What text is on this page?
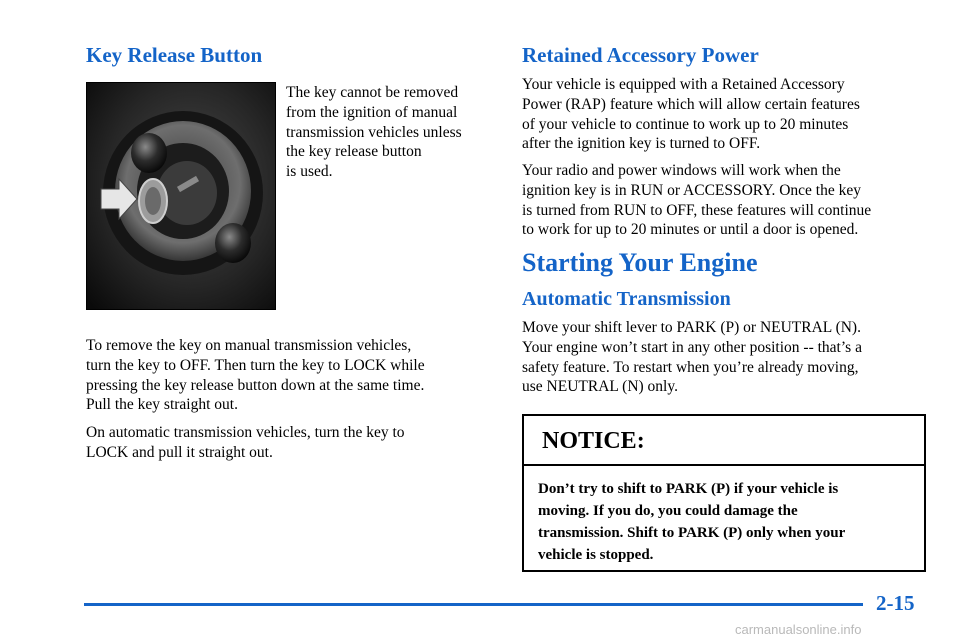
Key Release Button
The key cannot be removed
from the ignition of manual
transmission vehicles unless
the key release button
is used.
To remove the key on manual transmission vehicles,
turn the key to OFF. Then turn the key to LOCK while
pressing the key release button down at the same time.
Pull the key straight out.
On automatic transmission vehicles, turn the key to
LOCK and pull it straight out.
Retained Accessory Power
Your vehicle is equipped with a Retained Accessory
Power (RAP) feature which will allow certain features
of your vehicle to continue to work up to 20 minutes
after the ignition key is turned to OFF.
Your radio and power windows will work when the
ignition key is in RUN or ACCESSORY. Once the key
is turned from RUN to OFF, these features will continue
to work for up to 20 minutes or until a door is opened.
Starting Your Engine
Automatic Transmission
Move your shift lever to PARK (P) or NEUTRAL (N).
Your engine won’t start in any other position -- that’s a
safety feature. To restart when you’re already moving,
use NEUTRAL (N) only.

NOTICE:

Don’t try to shift to PARK (P) if your vehicle is
moving. If you do, you could damage the
transmission. Shift to PARK (P) only when your
vehicle is stopped.
2-15
carmanualsonline.info
